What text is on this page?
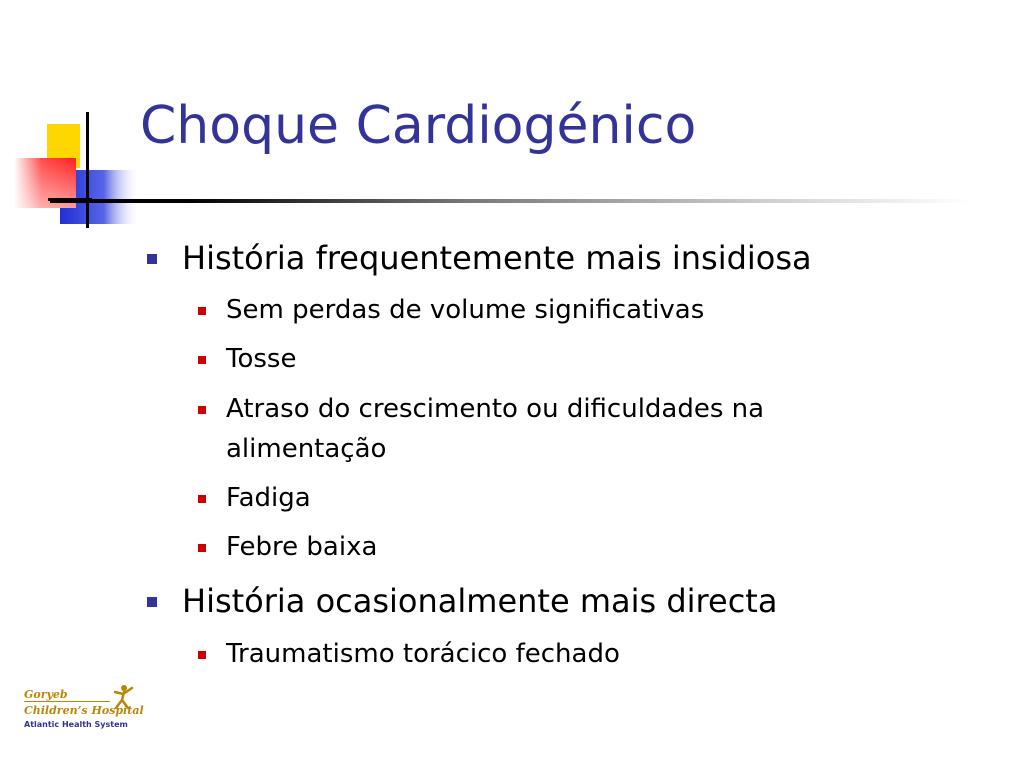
Choque Cardiogénico
História frequentemente mais insidiosa
Sem perdas de volume significativas
Tosse
Atraso do crescimento ou dificuldades na alimentação
Fadiga
Febre baixa
História ocasionalmente mais directa
Traumatismo torácico fechado
Goryeb
Children’s Hospital
Atlantic Health System
